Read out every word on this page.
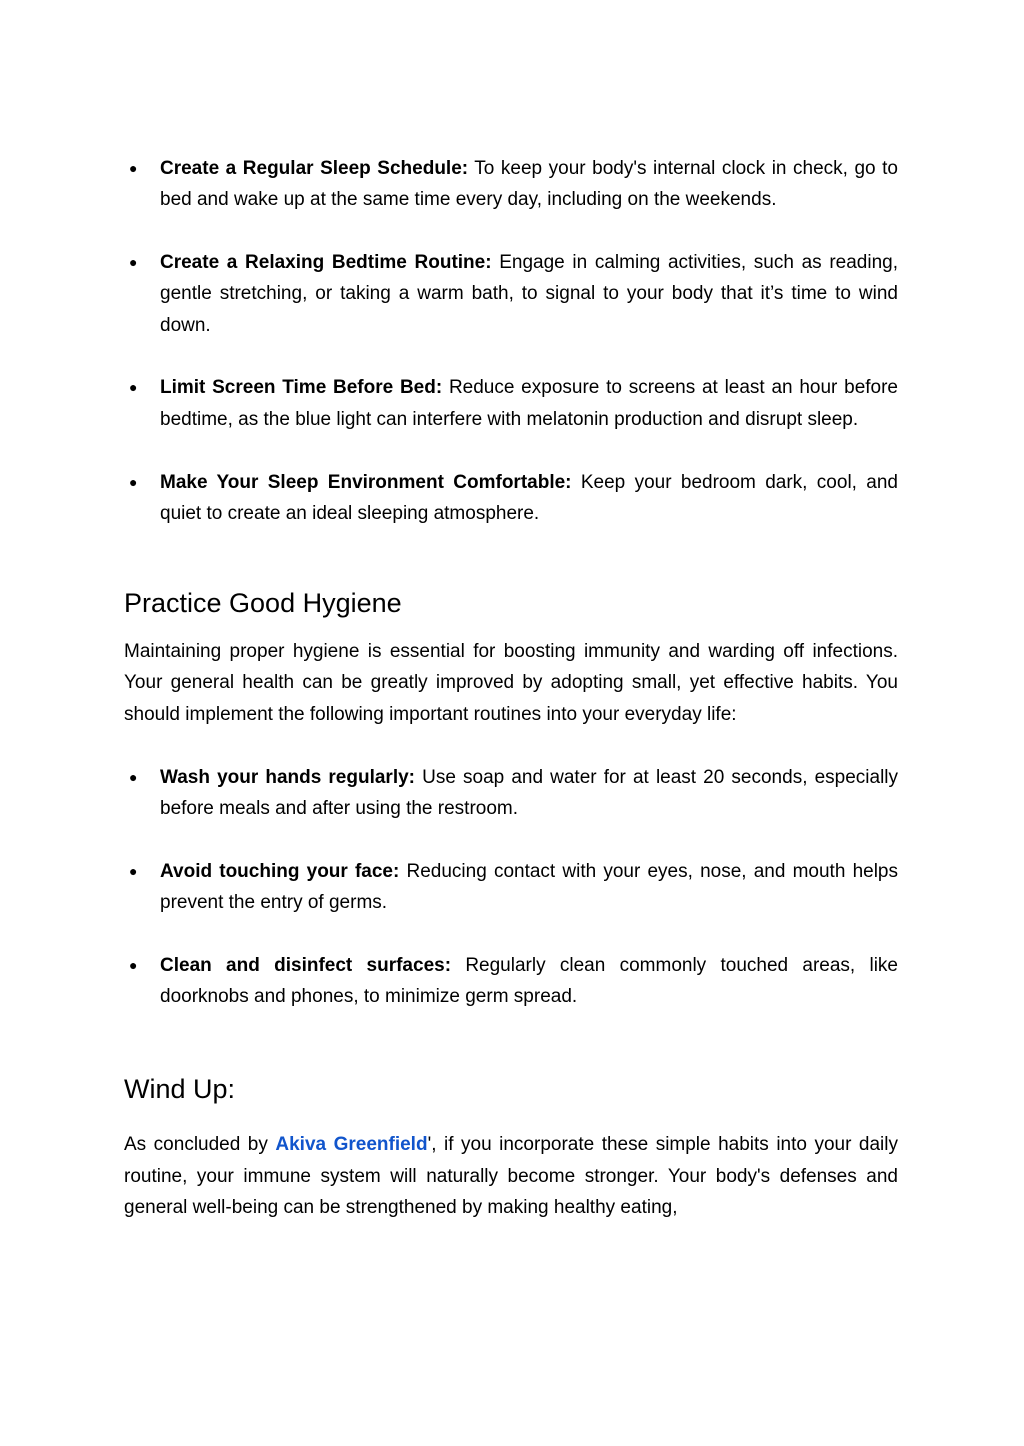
● Create a Regular Sleep Schedule: To keep your body's internal clock in check, go to bed and wake up at the same time every day, including on the weekends.
● Create a Relaxing Bedtime Routine: Engage in calming activities, such as reading, gentle stretching, or taking a warm bath, to signal to your body that it’s time to wind down.
● Limit Screen Time Before Bed: Reduce exposure to screens at least an hour before bedtime, as the blue light can interfere with melatonin production and disrupt sleep.
● Make Your Sleep Environment Comfortable: Keep your bedroom dark, cool, and quiet to create an ideal sleeping atmosphere.
Practice Good Hygiene

Maintaining proper hygiene is essential for boosting immunity and warding off infections. Your general health can be greatly improved by adopting small, yet effective habits. You should implement the following important routines into your everyday life:

● Wash your hands regularly: Use soap and water for at least 20 seconds, especially before meals and after using the restroom.
● Avoid touching your face: Reducing contact with your eyes, nose, and mouth helps prevent the entry of germs.
● Clean and disinfect surfaces: Regularly clean commonly touched areas, like doorknobs and phones, to minimize germ spread.
Wind Up:

As concluded by Akiva Greenfield', if you incorporate these simple habits into your daily routine, your immune system will naturally become stronger. Your body's defenses and general well-being can be strengthened by making healthy eating,
